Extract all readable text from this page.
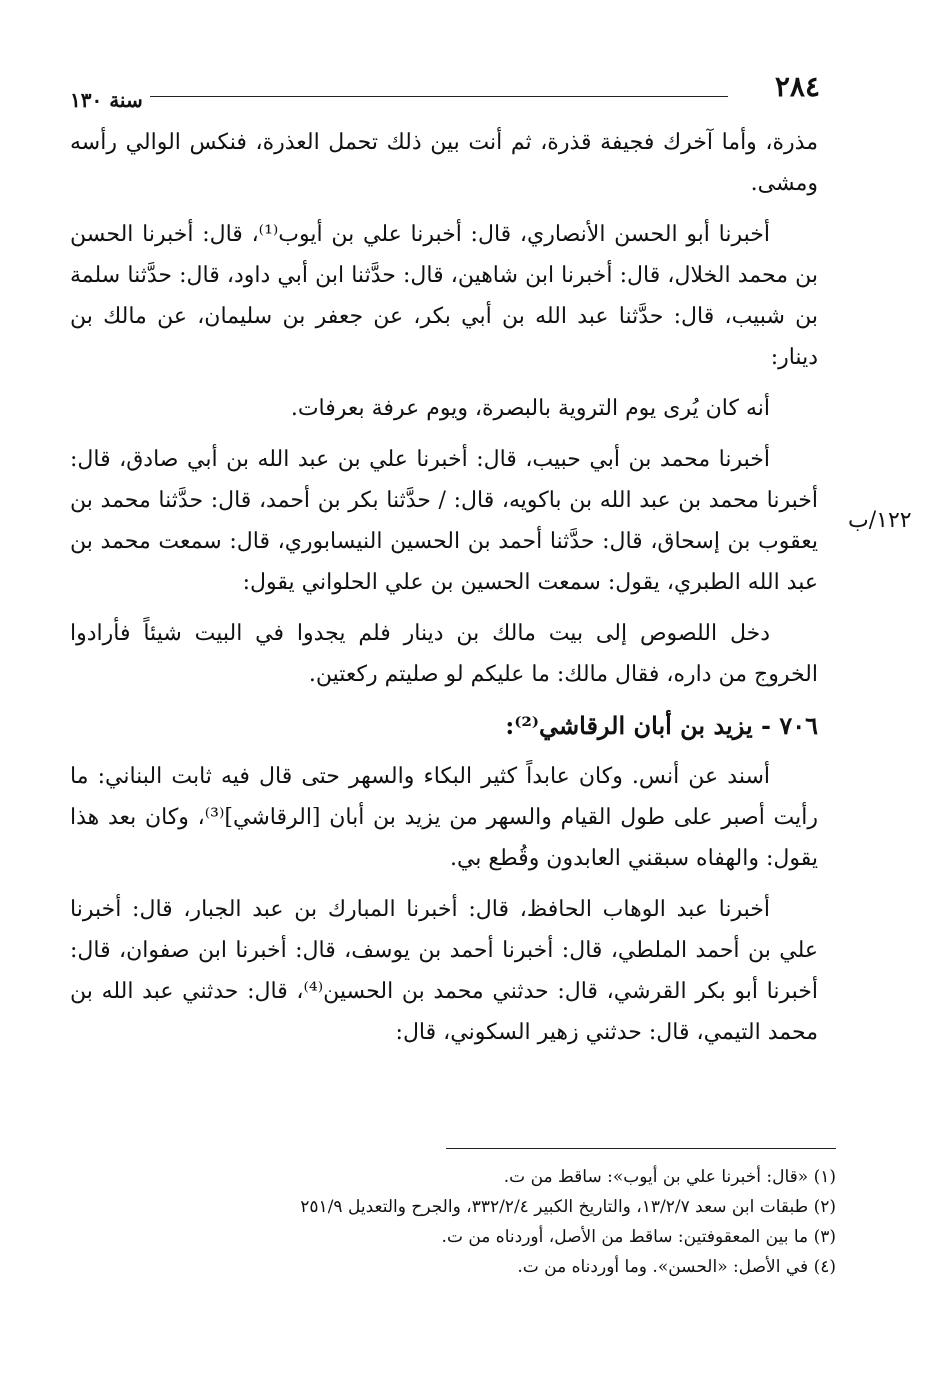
٢٨٤
سنة ١٣٠
١٢٢/ب

مذرة، وأما آخرك فجيفة قذرة، ثم أنت بين ذلك تحمل العذرة، فنكس الوالي رأسه ومشى.

أخبرنا أبو الحسن الأنصاري، قال: أخبرنا علي بن أيوب⁽¹⁾، قال: أخبرنا الحسن بن محمد الخلال، قال: أخبرنا ابن شاهين، قال: حدَّثنا ابن أبي داود، قال: حدَّثنا سلمة بن شبيب، قال: حدَّثنا عبد الله بن أبي بكر، عن جعفر بن سليمان، عن مالك بن دينار:

أنه كان يُرى يوم التروية بالبصرة، ويوم عرفة بعرفات.

أخبرنا محمد بن أبي حبيب، قال: أخبرنا علي بن عبد الله بن أبي صادق، قال: أخبرنا محمد بن عبد الله بن باكويه، قال: / حدَّثنا بكر بن أحمد، قال: حدَّثنا محمد بن يعقوب بن إسحاق، قال: حدَّثنا أحمد بن الحسين النيسابوري، قال: سمعت محمد بن عبد الله الطبري، يقول: سمعت الحسين بن علي الحلواني يقول:

دخل اللصوص إلى بيت مالك بن دينار فلم يجدوا في البيت شيئاً فأرادوا الخروج من داره، فقال مالك: ما عليكم لو صليتم ركعتين.

٧٠٦ - يزيد بن أبان الرقاشي⁽²⁾:

أسند عن أنس. وكان عابداً كثير البكاء والسهر حتى قال فيه ثابت البناني: ما رأيت أصبر على طول القيام والسهر من يزيد بن أبان [الرقاشي]⁽³⁾، وكان بعد هذا يقول: والهفاه سبقني العابدون وقُطع بي.

أخبرنا عبد الوهاب الحافظ، قال: أخبرنا المبارك بن عبد الجبار، قال: أخبرنا علي بن أحمد الملطي، قال: أخبرنا أحمد بن يوسف، قال: أخبرنا ابن صفوان، قال: أخبرنا أبو بكر القرشي، قال: حدثني محمد بن الحسين⁽⁴⁾، قال: حدثني عبد الله بن محمد التيمي، قال: حدثني زهير السكوني، قال:

(١) «قال: أخبرنا علي بن أيوب»: ساقط من ت.

(٢) طبقات ابن سعد ١٣/٢/٧، والتاريخ الكبير ٣٣٢/٢/٤، والجرح والتعديل ٢٥١/٩

(٣) ما بين المعقوفتين: ساقط من الأصل، أوردناه من ت.

(٤) في الأصل: «الحسن». وما أوردناه من ت.
